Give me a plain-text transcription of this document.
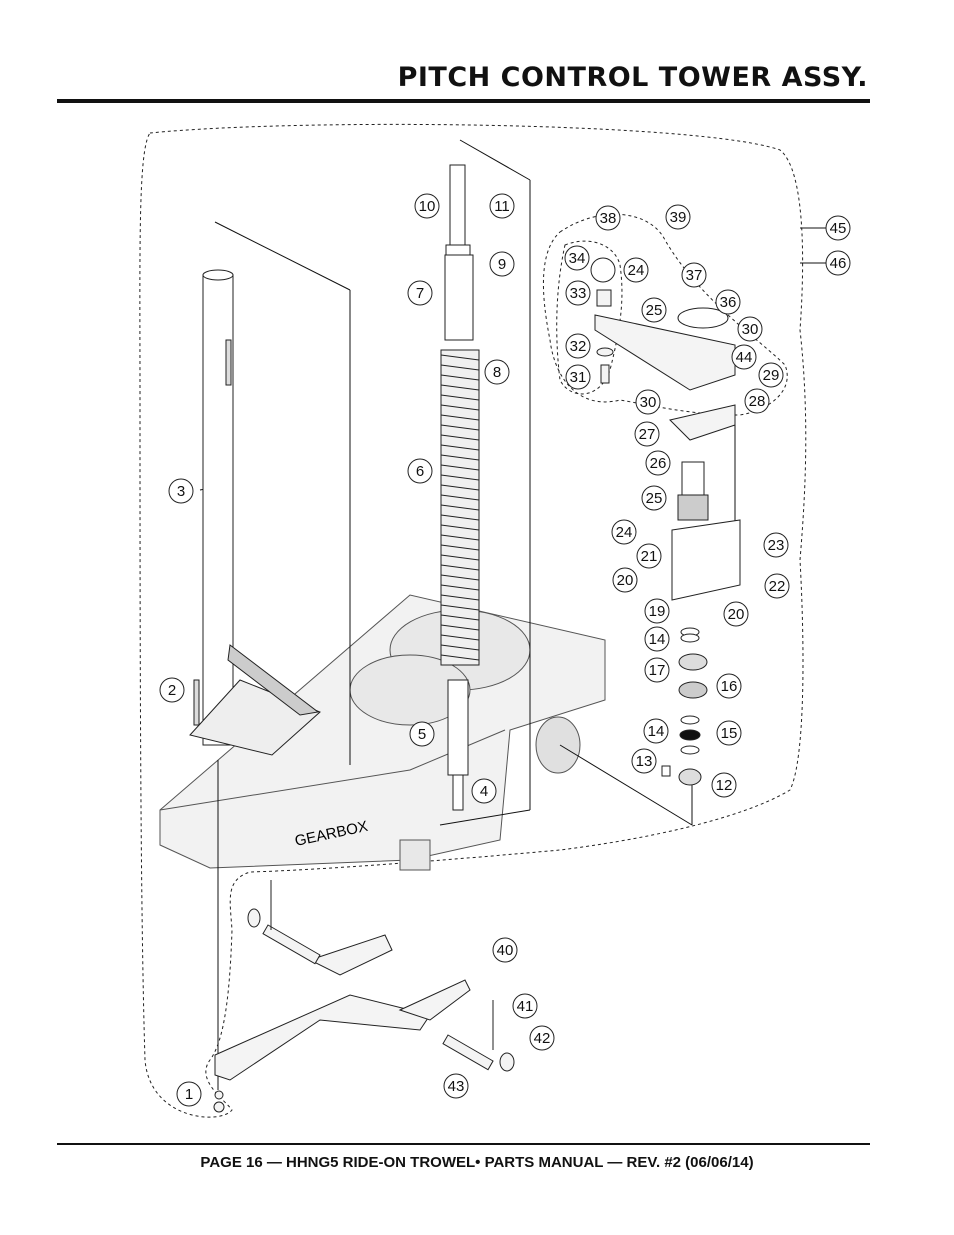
PITCH CONTROL TOWER ASSY.
GEARBOX
1
2
3
4
5
6
7
8
9
10	11
12
13
14
14	15
16
17
19
20
20
21
22
23
24
24
25
25
26
27
28
29
30
30
31
32
33
34
36
37
38	39
40
41
42
43
44
45
46
PAGE 16 — HHNG5 RIDE-ON TROWEL• PARTS MANUAL — REV. #2 (06/06/14)
